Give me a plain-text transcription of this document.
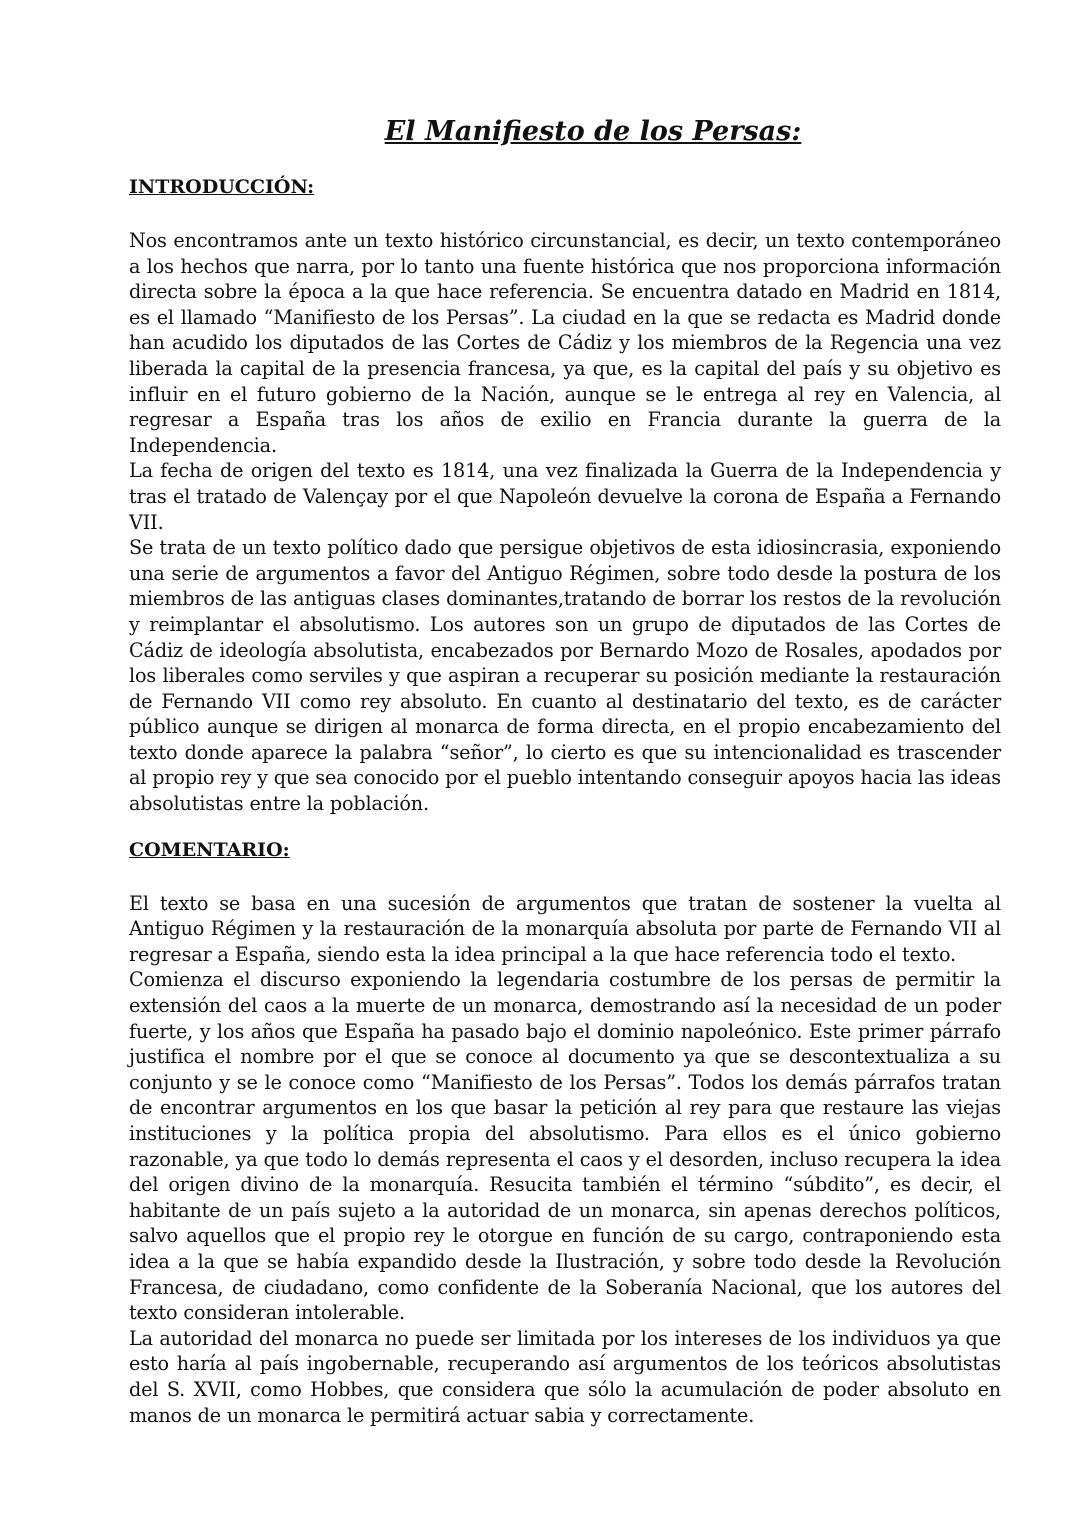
El Manifiesto de los Persas:
INTRODUCCIÓN:

Nos encontramos ante un texto histórico circunstancial, es decir, un texto contemporáneo a los hechos que narra, por lo tanto una fuente histórica que nos proporciona información directa sobre la época a la que hace referencia. Se encuentra datado en Madrid en 1814, es el llamado “Manifiesto de los Persas”. La ciudad en la que se redacta es Madrid donde han acudido los diputados de las Cortes de Cádiz y los miembros de la Regencia una vez liberada la capital de la presencia francesa, ya que, es la capital del país y su objetivo es influir en el futuro gobierno de la Nación, aunque se le entrega al rey en Valencia, al regresar a España tras los años de exilio en Francia durante la guerra de la Independencia.

La fecha de origen del texto es 1814, una vez finalizada la Guerra de la Independencia y tras el tratado de Valençay por el que Napoleón devuelve la corona de España a Fernando VII.

Se trata de un texto político dado que persigue objetivos de esta idiosincrasia, exponiendo una serie de argumentos a favor del Antiguo Régimen, sobre todo desde la postura de los miembros de las antiguas clases dominantes,tratando de borrar los restos de la revolución y reimplantar el absolutismo. Los autores son un grupo de diputados de las Cortes de Cádiz de ideología absolutista, encabezados por Bernardo Mozo de Rosales, apodados por los liberales como serviles y que aspiran a recuperar su posición mediante la restauración de Fernando VII como rey absoluto. En cuanto al destinatario del texto, es de carácter público aunque se dirigen al monarca de forma directa, en el propio encabezamiento del texto donde aparece la palabra “señor”, lo cierto es que su intencionalidad es trascender al propio rey y que sea conocido por el pueblo intentando conseguir apoyos hacia las ideas absolutistas entre la población.

COMENTARIO:

El texto se basa en una sucesión de argumentos que tratan de sostener la vuelta al Antiguo Régimen y la restauración de la monarquía absoluta por parte de Fernando VII al regresar a España, siendo esta la idea principal a la que hace referencia todo el texto.

Comienza el discurso exponiendo la legendaria costumbre de los persas de permitir la extensión del caos a la muerte de un monarca, demostrando así la necesidad de un poder fuerte, y los años que España ha pasado bajo el dominio napoleónico. Este primer párrafo justifica el nombre por el que se conoce al documento ya que se descontextualiza a su conjunto y se le conoce como “Manifiesto de los Persas”. Todos los demás párrafos tratan de encontrar argumentos en los que basar la petición al rey para que restaure las viejas instituciones y la política propia del absolutismo. Para ellos es el único gobierno razonable, ya que todo lo demás representa el caos y el desorden, incluso recupera la idea del origen divino de la monarquía. Resucita también el término “súbdito”, es decir, el habitante de un país sujeto a la autoridad de un monarca, sin apenas derechos políticos, salvo aquellos que el propio rey le otorgue en función de su cargo, contraponiendo esta idea a la que se había expandido desde la Ilustración, y sobre todo desde la Revolución Francesa, de ciudadano, como confidente de la Soberanía Nacional, que los autores del texto consideran intolerable.

La autoridad del monarca no puede ser limitada por los intereses de los individuos ya que esto haría al país ingobernable, recuperando así argumentos de los teóricos absolutistas del S. XVII, como Hobbes, que considera que sólo la acumulación de poder absoluto en manos de un monarca le permitirá actuar sabia y correctamente.
